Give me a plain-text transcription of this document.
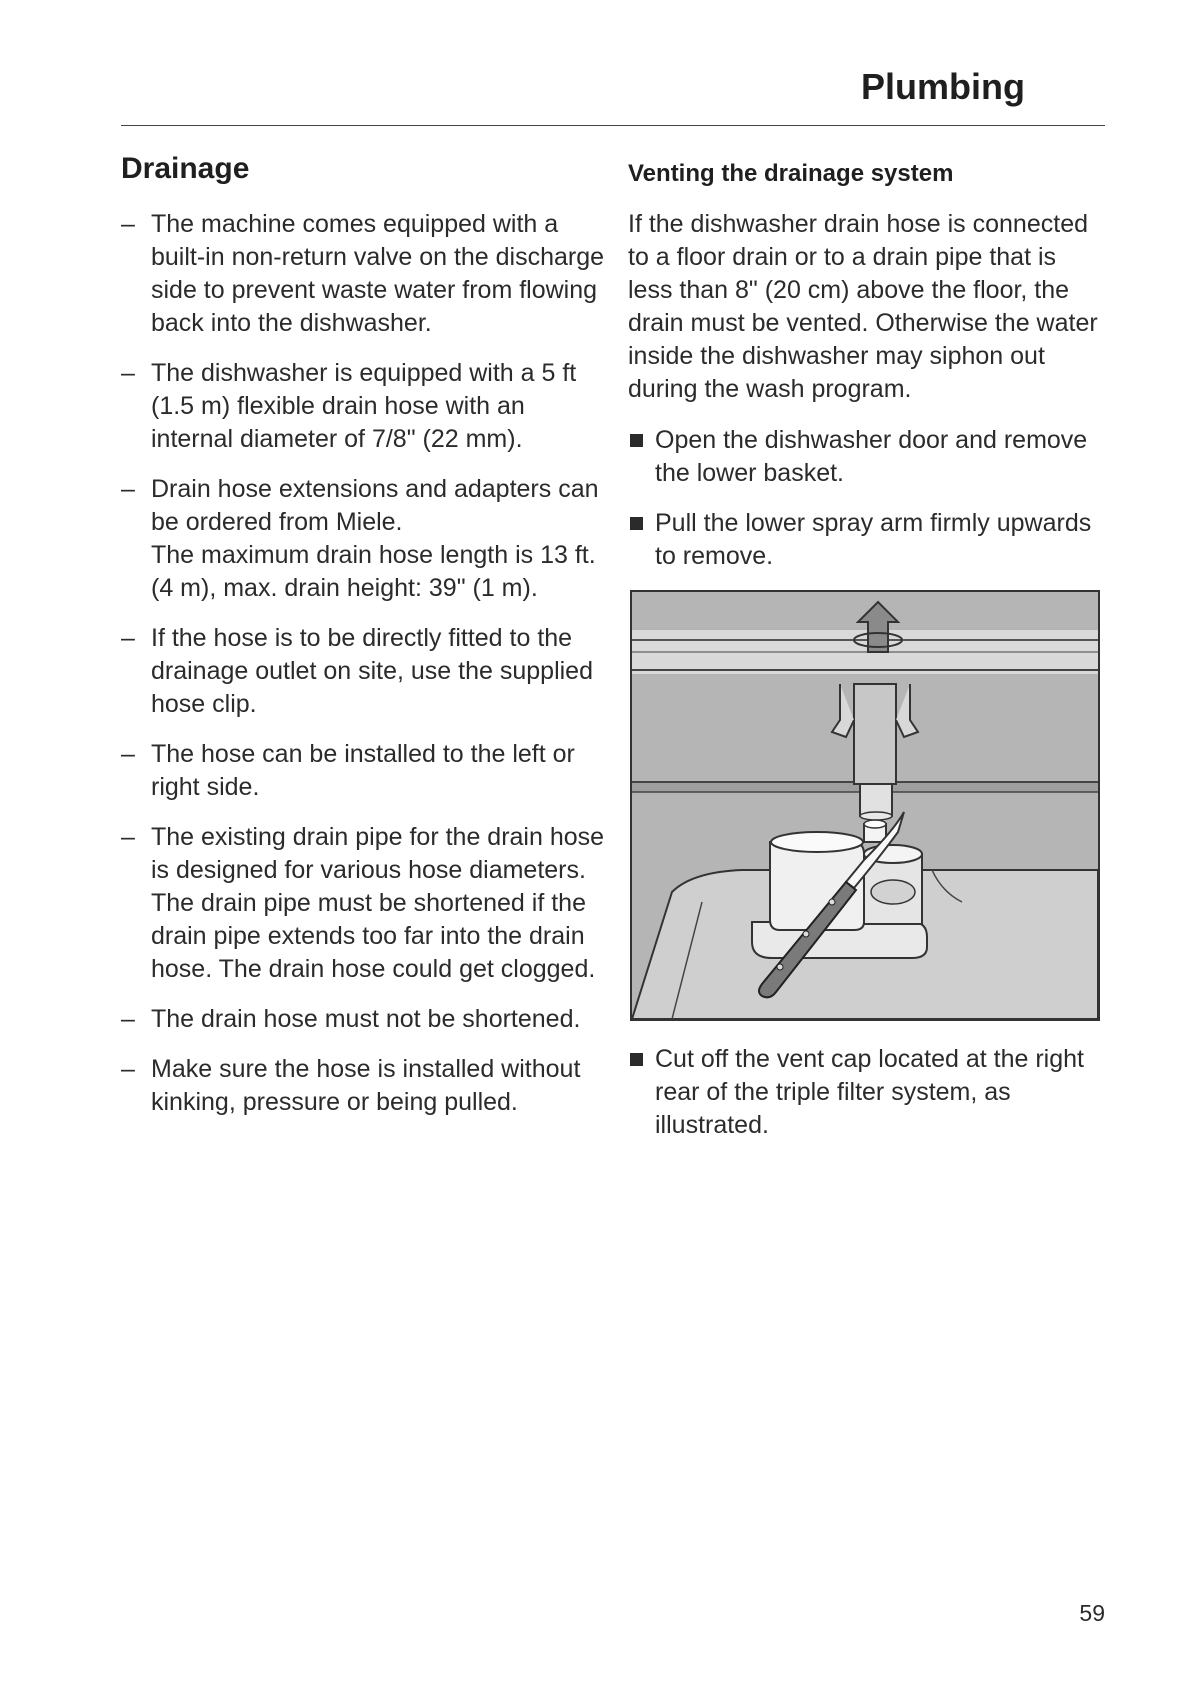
Plumbing
Drainage
– The machine comes equipped with a built-in non-return valve on the discharge side to prevent waste water from flowing back into the dishwasher.
– The dishwasher is equipped with a 5 ft (1.5 m) flexible drain hose with an internal diameter of 7/8" (22 mm).
– Drain hose extensions and adapters can be ordered from Miele.
The maximum drain hose length is 13 ft. (4 m), max. drain height: 39" (1 m).
– If the hose is to be directly fitted to the drainage outlet on site, use the supplied hose clip.
– The hose can be installed to the left or right side.
– The existing drain pipe for the drain hose is designed for various hose diameters. The drain pipe must be shortened if the drain pipe extends too far into the drain hose. The drain hose could get clogged.
– The drain hose must not be shortened.
– Make sure the hose is installed without kinking, pressure or being pulled.
Venting the drainage system
If the dishwasher drain hose is connected to a floor drain or to a drain pipe that is less than 8" (20 cm) above the floor, the drain must be vented. Otherwise the water inside the dishwasher may siphon out during the wash program.
Open the dishwasher door and remove the lower basket.
Pull the lower spray arm firmly upwards to remove.
Cut off the vent cap located at the right rear of the triple filter system, as illustrated.
59
